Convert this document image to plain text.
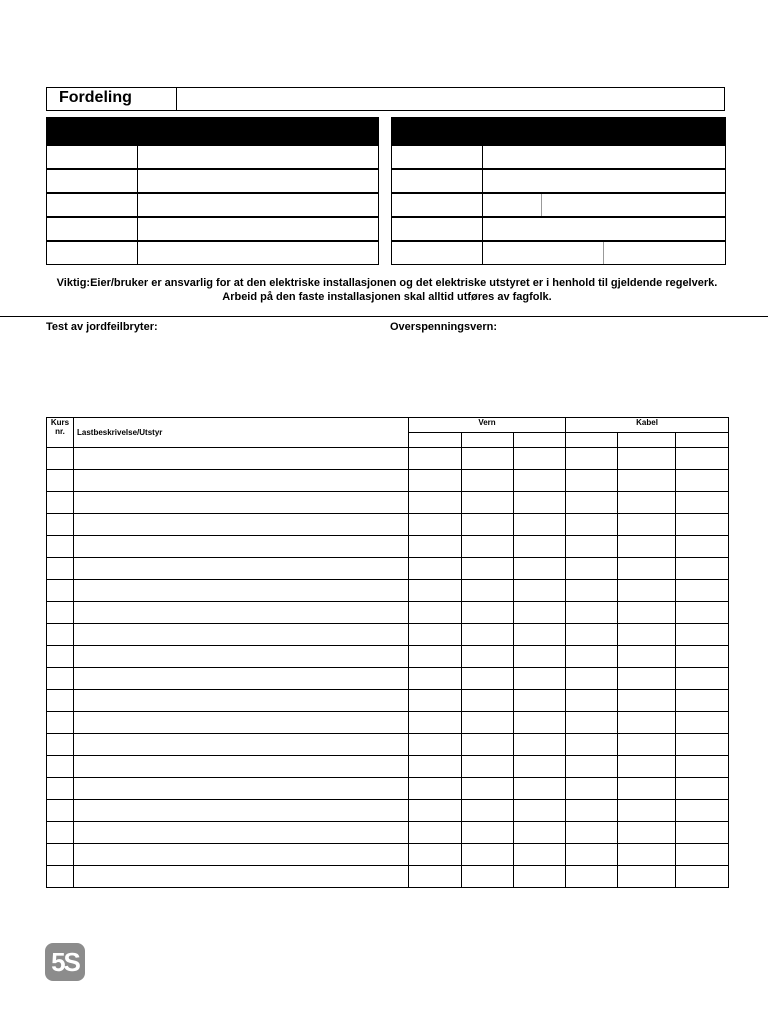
Fordeling
Viktig:Eier/bruker er ansvarlig for at den elektriske installasjonen og det elektriske utstyret er i henhold til gjeldende regelverk. Arbeid på den faste installasjonen skal alltid utføres av fagfolk.
Test av jordfeilbryter:	Overspenningsvern:
Kurs
nr.	Lastbeskrivelse/Utstyr	Vern			Kabel		

5S
